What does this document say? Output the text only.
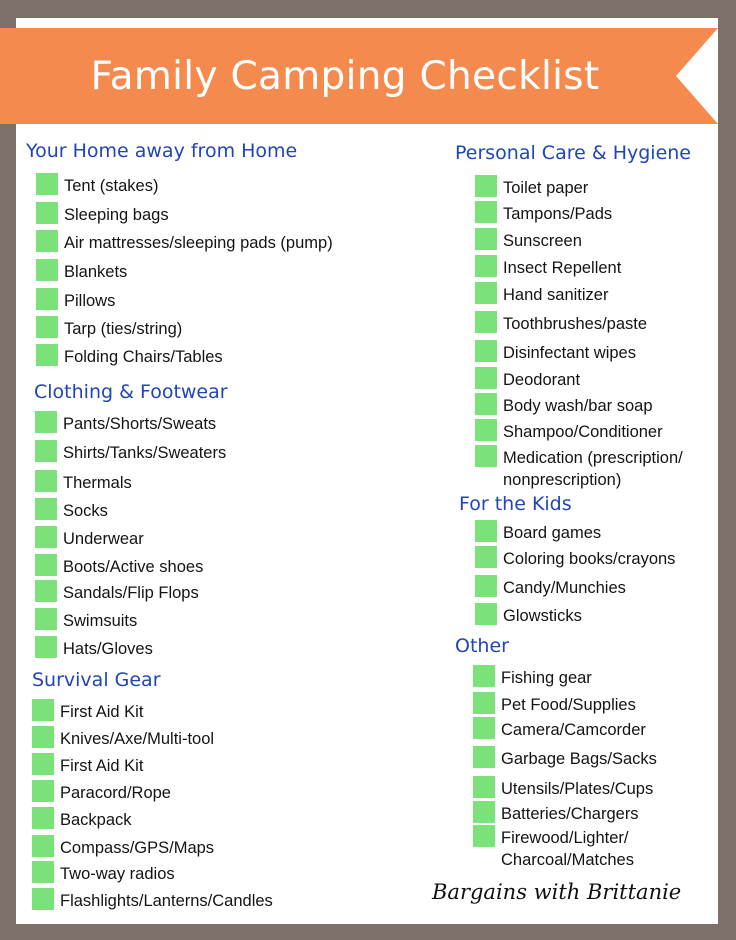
Family Camping Checklist
Your Home away from Home
Tent (stakes)
Sleeping bags
Air mattresses/sleeping pads (pump)
Blankets
Pillows
Tarp (ties/string)
Folding Chairs/Tables
Clothing & Footwear
Pants/Shorts/Sweats
Shirts/Tanks/Sweaters
Thermals
Socks
Underwear
Boots/Active shoes
Sandals/Flip Flops
Swimsuits
Hats/Gloves
Survival Gear
First Aid Kit
Knives/Axe/Multi-tool
First Aid Kit
Paracord/Rope
Backpack
Compass/GPS/Maps
Two-way radios
Flashlights/Lanterns/Candles
Personal Care & Hygiene
Toilet paper
Tampons/Pads
Sunscreen
Insect Repellent
Hand sanitizer
Toothbrushes/paste
Disinfectant wipes
Deodorant
Body wash/bar soap
Shampoo/Conditioner
Medication (prescription/
nonprescription)
For the Kids
Board games
Coloring books/crayons
Candy/Munchies
Glowsticks
Other
Fishing gear
Pet Food/Supplies
Camera/Camcorder
Garbage Bags/Sacks
Utensils/Plates/Cups
Batteries/Chargers
Firewood/Lighter/
Charcoal/Matches
Bargains with Brittanie
